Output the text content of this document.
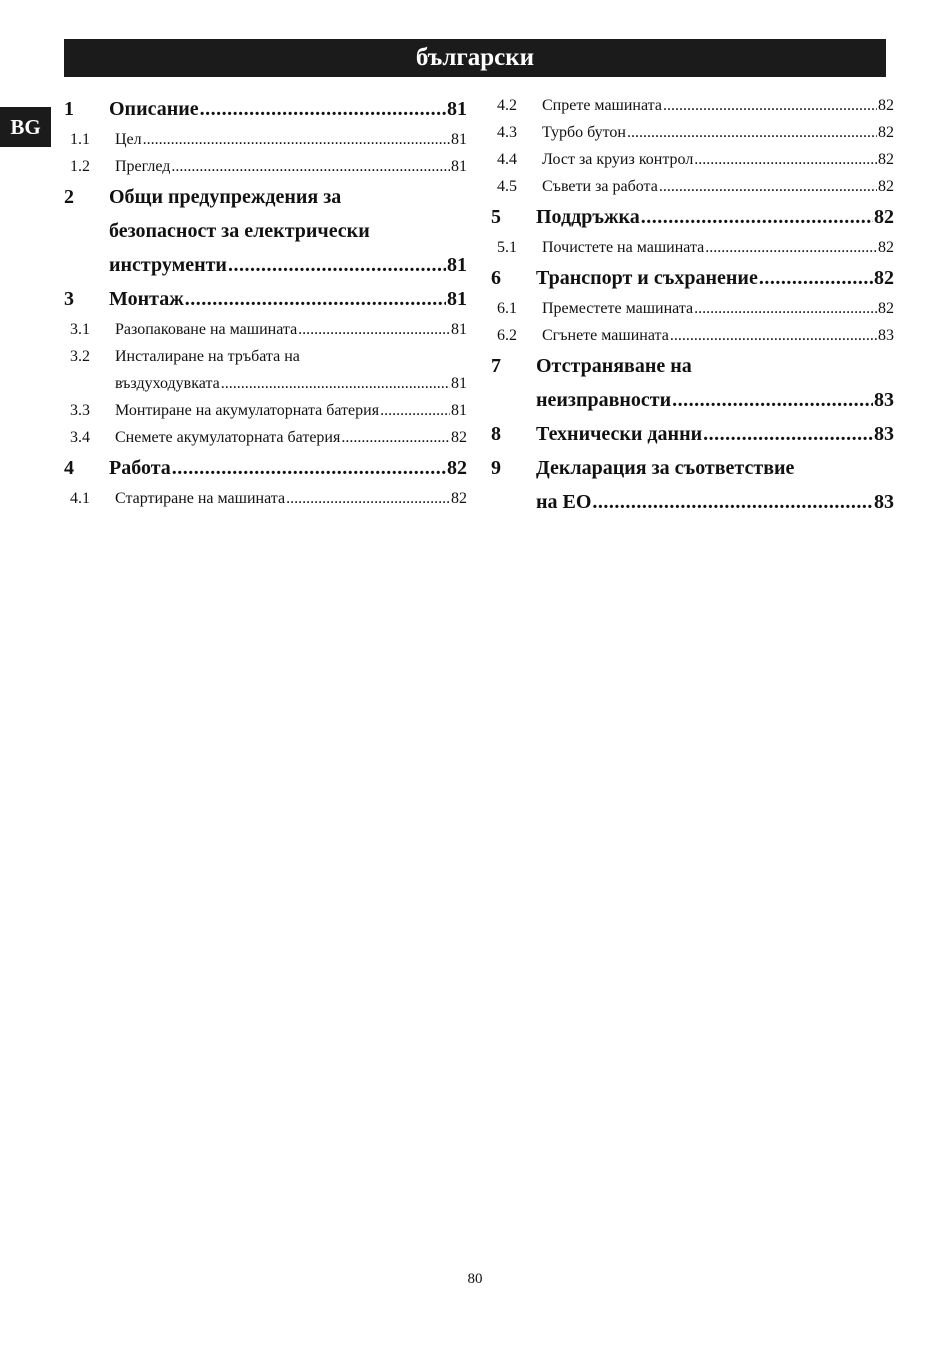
български
BG
1 Описание .....	81
1.1 Цел .....	81
1.2 Преглед .....	81
2 Общи предупреждения за
безопасност за електрически
инструменти .....	81
3 Монтаж .....	81
3.1 Разопаковане на машината .....	81
3.2 Инсталиране на тръбата на
въздуходувката .....	81
3.3 Монтиране на акумулаторната батерия .....	81
3.4 Снемете акумулаторната батерия .....	82
4 Работа .....	82
4.1 Стартиране на машината .....	82
4.2 Спрете машината .....	82
4.3 Турбо бутон .....	82
4.4 Лост за круиз контрол .....	82
4.5 Съвети за работа .....	82
5 Поддръжка .....	82
5.1 Почистете на машината .....	82
6 Транспорт и съхранение .....	82
6.1 Преместете машината .....	82
6.2 Сгънете машината .....	83
7 Отстраняване на
неизправности .....	83
8 Технически данни .....	83
9 Декларация за съответствие
на ЕО .....	83
80
